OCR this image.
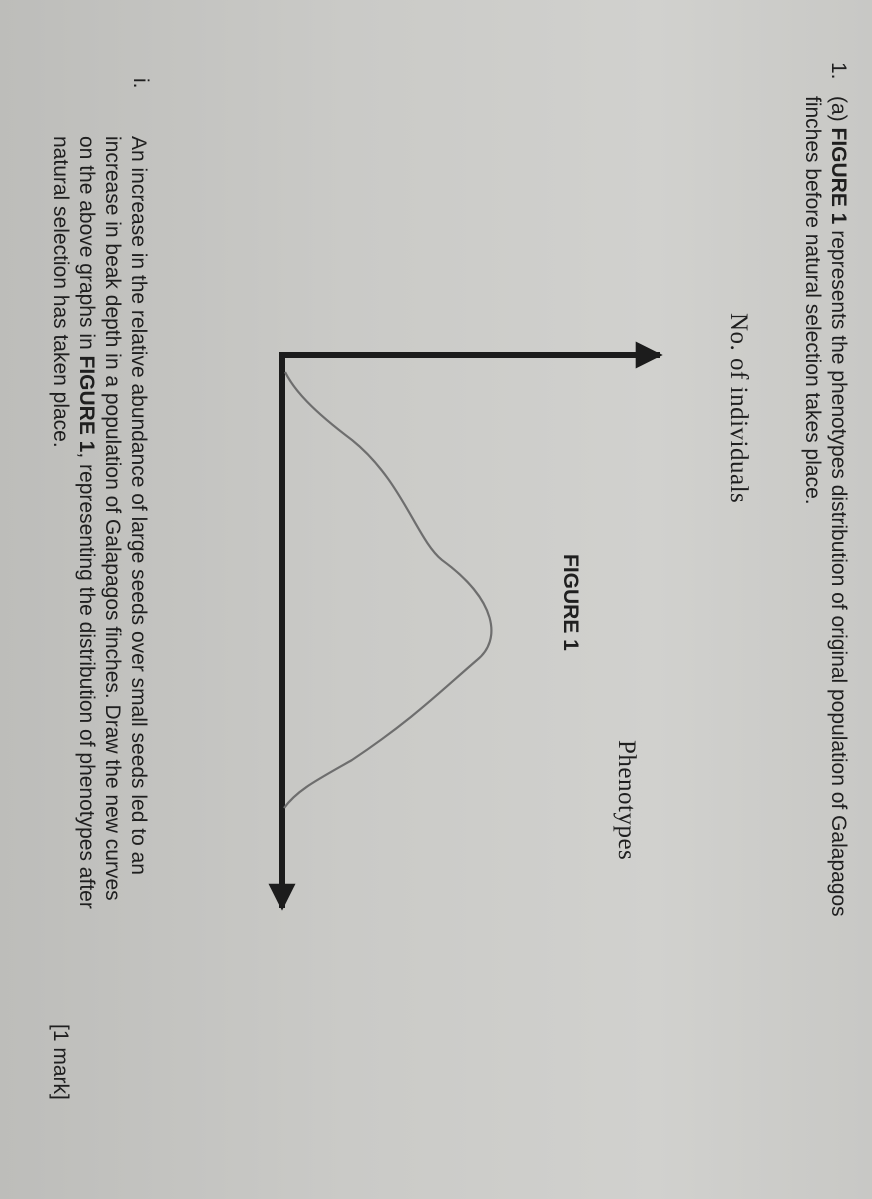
1.
(a) FIGURE 1 represents the phenotypes distribution of original population of Galapagos
finches before natural selection takes place.
No. of individuals
Phenotypes
FIGURE 1
i.
An increase in the relative abundance of large seeds over small seeds led to an
increase in beak depth in a population of Galapagos finches. Draw the new curves
on the above graphs in FIGURE 1, representing the distribution of phenotypes after
natural selection has taken place.
[1 mark]
